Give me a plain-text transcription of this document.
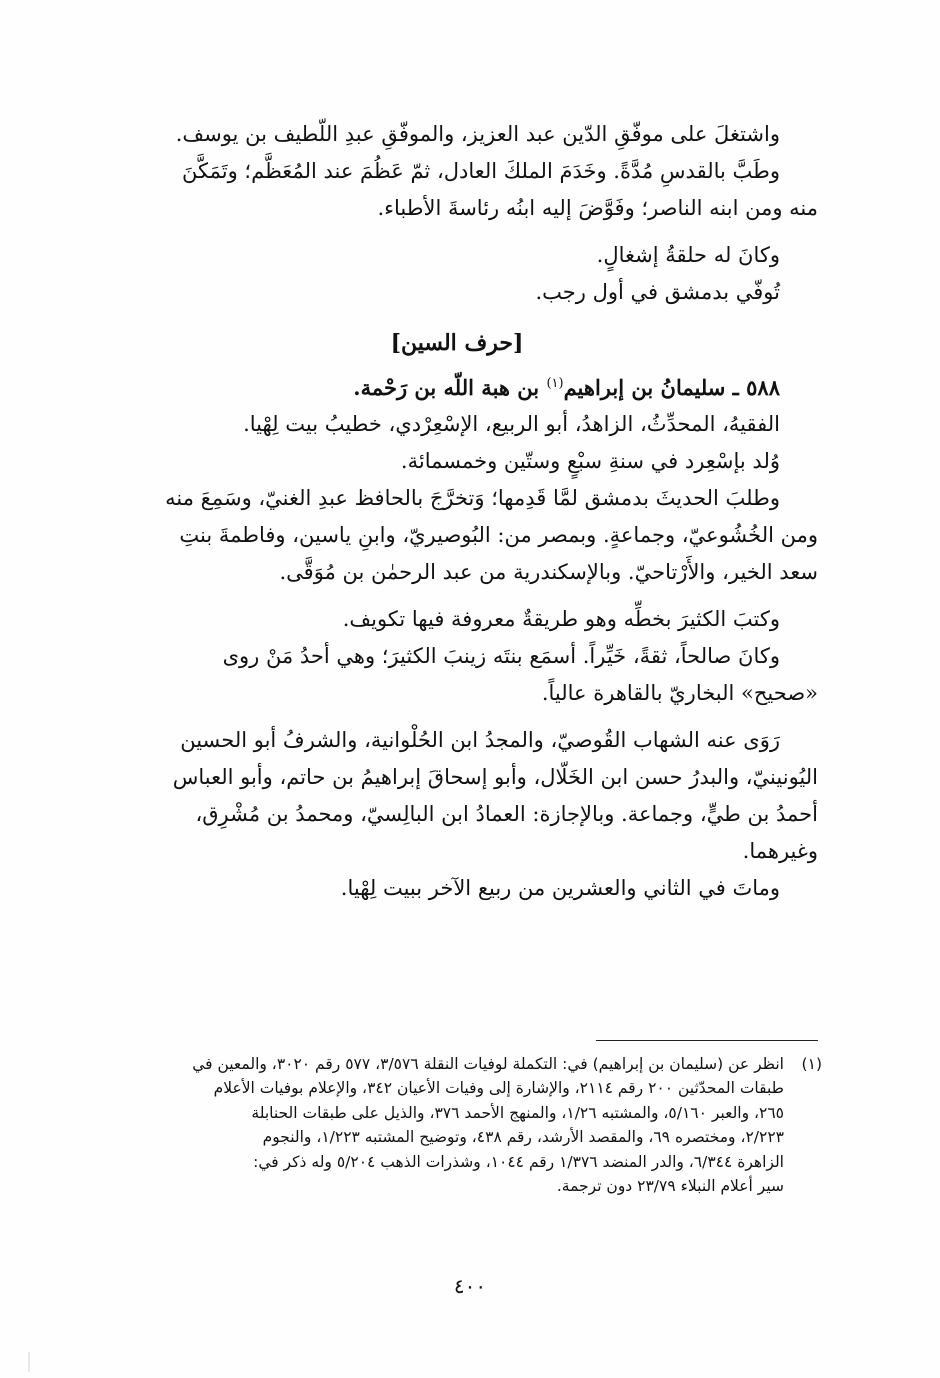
واشتغلَ على موفّقِ الدّين عبد العزيز، والموفّقِ عبدِ اللّطيف بن يوسف.

وطَبَّ بالقدسِ مُدَّةً. وخَدَمَ الملكَ العادل، ثمّ عَظُمَ عند المُعَظَّم؛ وتَمَكَّنَ

منه ومن ابنه الناصر؛ وفَوَّضَ إليه ابنُه رئاسةَ الأطباء.

وكانَ له حلقةُ إشغالٍ.

تُوفّي بدمشق في أول رجب.

[حرف السين]

٥٨٨ ـ سليمانُ بن إبراهيم$^{(١)}$ بن هبة اللّه بن رَحْمة.

الفقيهُ، المحدِّثُ، الزاهدُ، أبو الربيع، الإسْعِرْدي، خطيبُ بيت لِهْيا.

وُلد بإسْعِرد في سنةِ سبْعٍ وستّين وخمسمائة.

وطلبَ الحديثَ بدمشق لمَّا قَدِمها؛ وَتخرَّجَ بالحافظ عبدِ الغنيّ، وسَمِعَ منه

ومن الخُشُوعيّ، وجماعةٍ. وبمصر من: البُوصيريّ، وابنِ ياسين، وفاطمةَ بنتِ

سعد الخير، والأَرْتاحيّ. وبالإسكندرية من عبد الرحمٰن بن مُوَقَّى.

وكتبَ الكثيرَ بخطِّه وهو طريقةٌ معروفة فيها تكويف.

وكانَ صالحاً، ثقةً، خَيِّراً. أسمَع بنتَه زينبَ الكثيرَ؛ وهي أحدُ مَنْ روى

«صحيح» البخاريّ بالقاهرة عالياً.

رَوَى عنه الشهاب القُوصيّ، والمجدُ ابن الحُلْوانية، والشرفُ أبو الحسين

اليُونينيّ، والبدرُ حسن ابن الخَلّال، وأبو إسحاقَ إبراهيمُ بن حاتم، وأبو العباس

أحمدُ بن طيٍّ، وجماعة. وبالإجازة: العمادُ ابن البالِسيّ، ومحمدُ بن مُشْرِق،

وغيرهما.

وماتَ في الثاني والعشرين من ربيع الآخر ببيت لِهْيا.

(١)انظر عن (سليمان بن إبراهيم) في: التكملة لوفيات النقلة ٣/٥٧٦، ٥٧٧ رقم ٣٠٢٠، والمعين في

طبقات المحدّثين ٢٠٠ رقم ٢١١٤، والإشارة إلى وفيات الأعيان ٣٤٢، والإعلام بوفيات الأعلام

٢٦٥، والعبر ٥/١٦٠، والمشتبه ١/٢٦، والمنهج الأحمد ٣٧٦، والذيل على طبقات الحنابلة

٢/٢٢٣، ومختصره ٦٩، والمقصد الأرشد، رقم ٤٣٨، وتوضيح المشتبه ١/٢٢٣، والنجوم

الزاهرة ٦/٣٤٤، والدر المنضد ١/٣٧٦ رقم ١٠٤٤، وشذرات الذهب ٥/٢٠٤ وله ذكر في:

سير أعلام النبلاء ٢٣/٧٩ دون ترجمة.

٤٠٠
